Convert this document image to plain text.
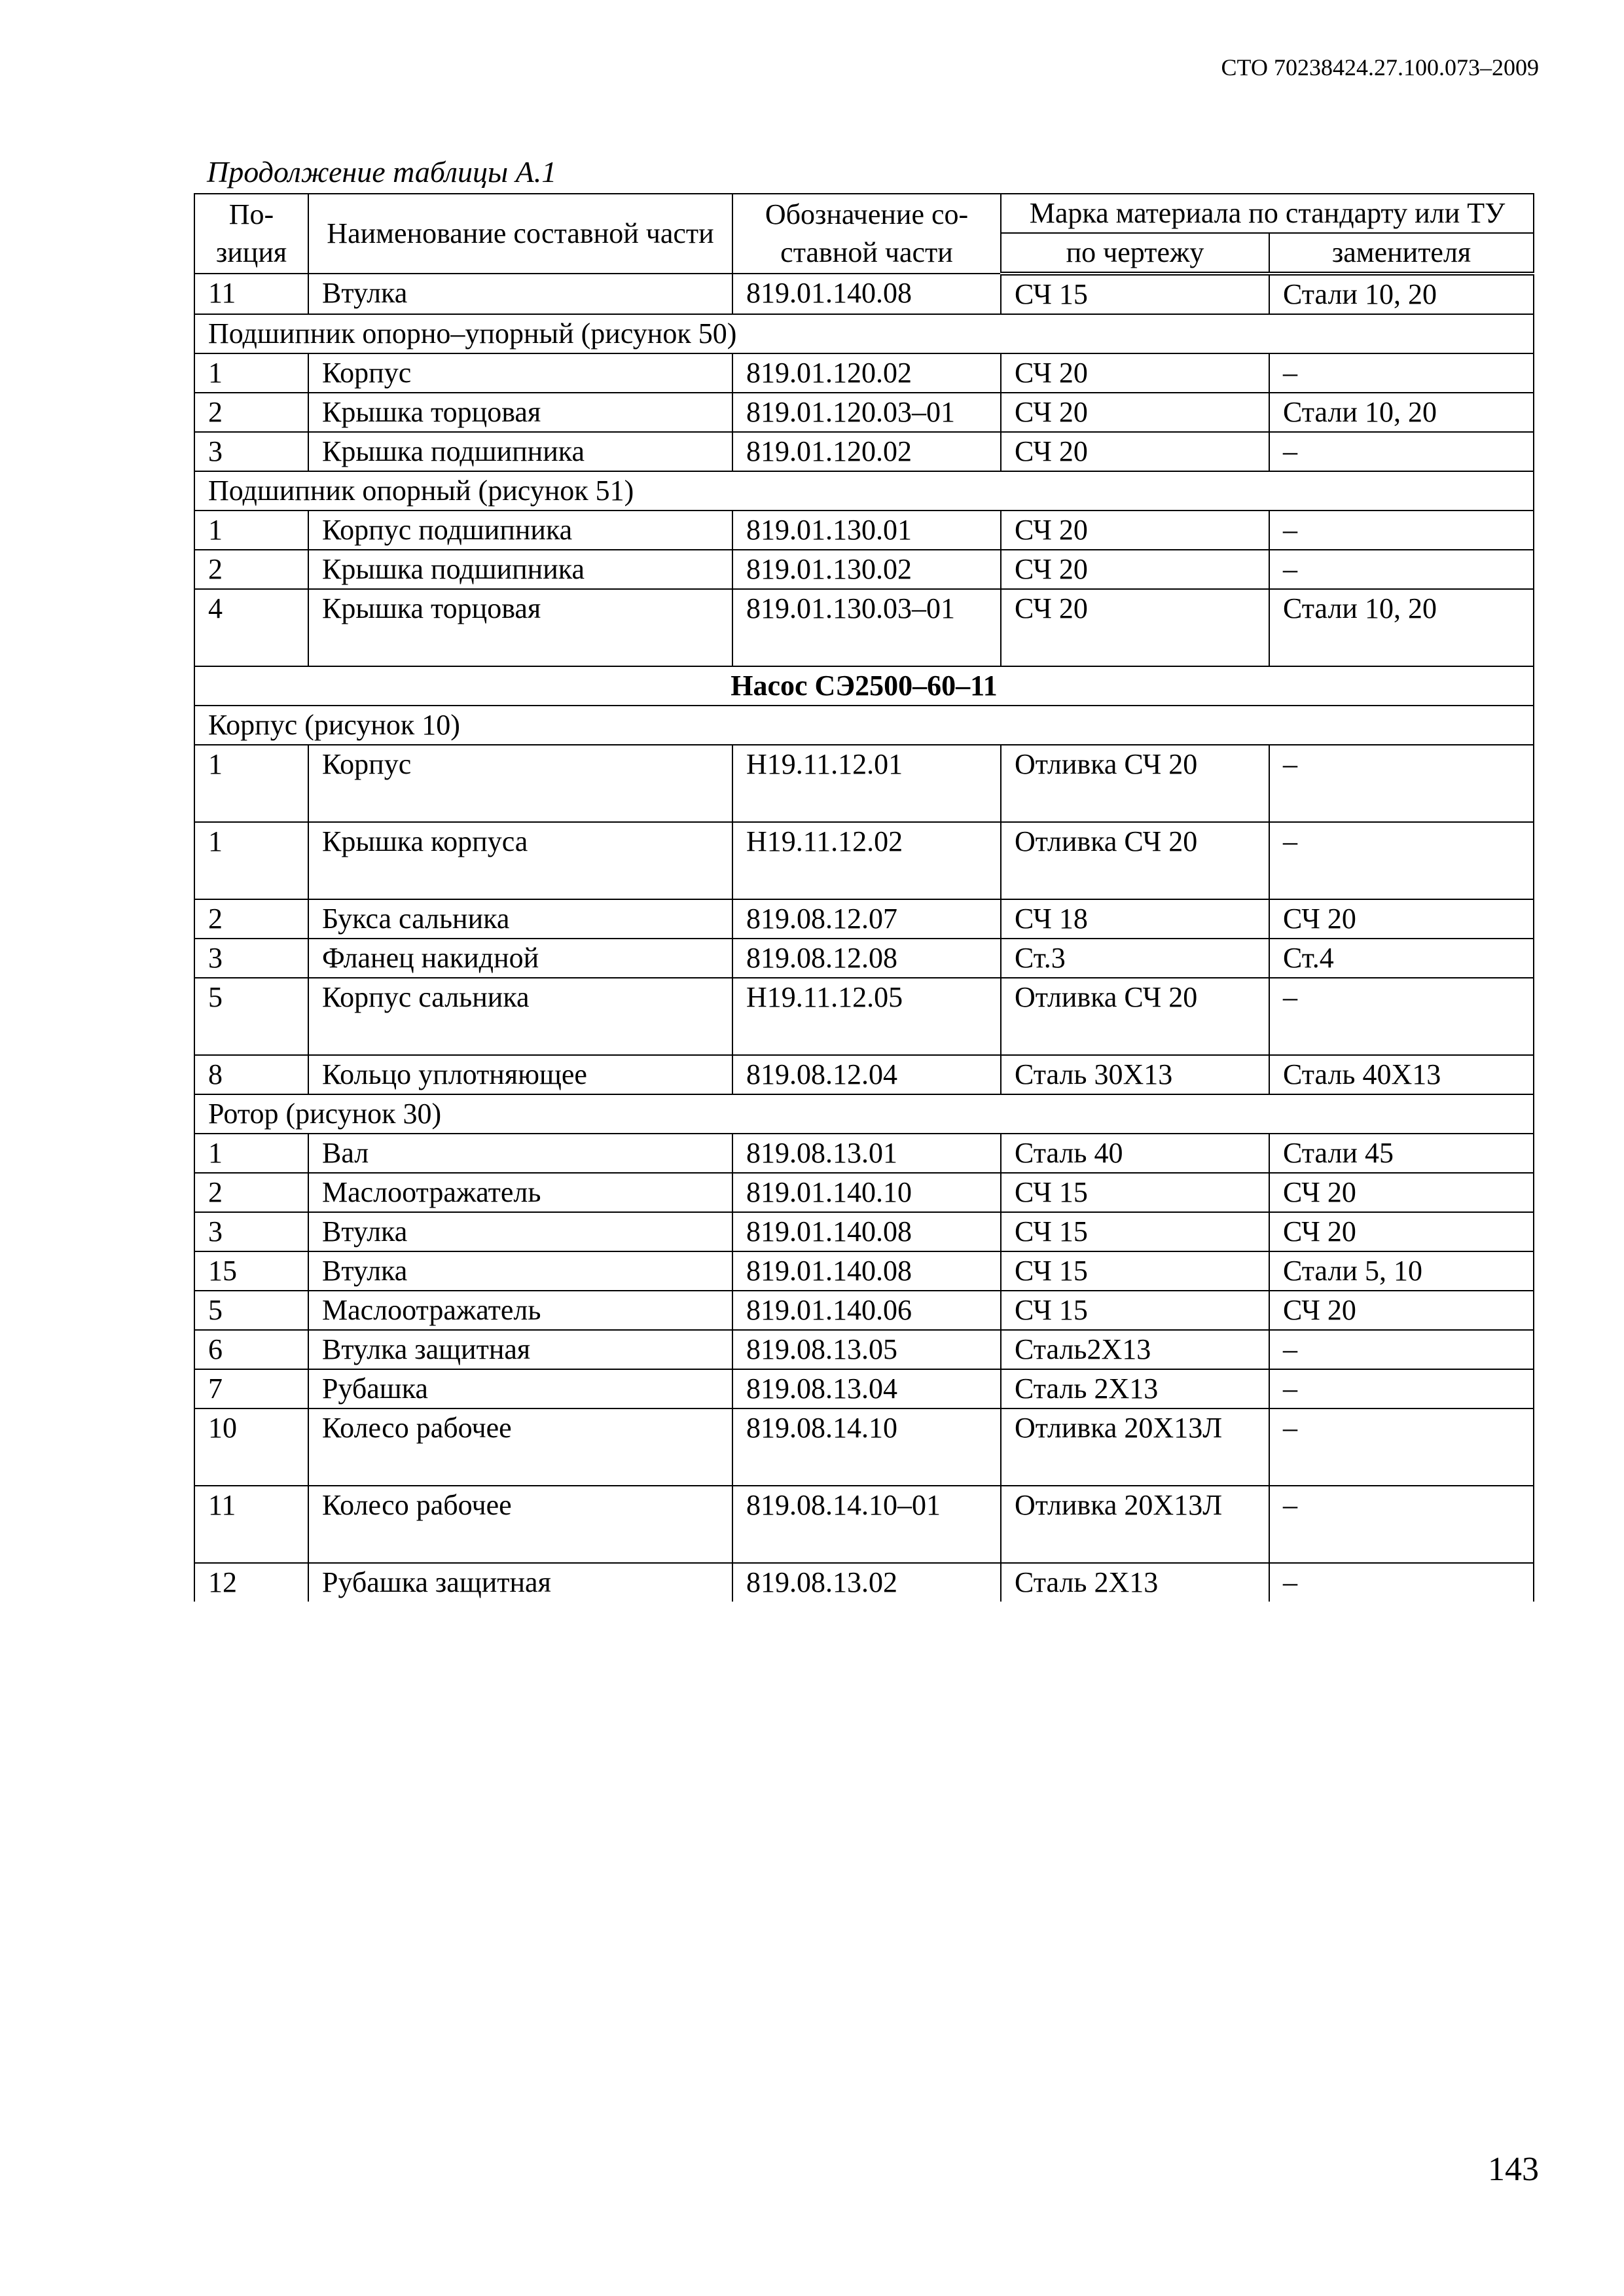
СТО 70238424.27.100.073–2009
Продолжение таблицы А.1
По-зиция	Наименование составной части	Обозначение со-ставной части	Марка материала по стандарту или ТУ	
			по чертежу	заменителя
11	Втулка	819.01.140.08	СЧ 15	Стали 10, 20
Подшипник опорно–упорный (рисунок 50)				
1	Корпус	819.01.120.02	СЧ 20	–
2	Крышка торцовая	819.01.120.03–01	СЧ 20	Стали 10, 20
3	Крышка подшипника	819.01.120.02	СЧ 20	–
Подшипник опорный (рисунок 51)				
1	Корпус подшипника	819.01.130.01	СЧ 20	–
2	Крышка подшипника	819.01.130.02	СЧ 20	–
4	Крышка торцовая	819.01.130.03–01	СЧ 20	Стали 10, 20
Насос СЭ2500–60–11				
Корпус (рисунок 10)				
1	Корпус	Н19.11.12.01	Отливка СЧ 20	–
1	Крышка корпуса	Н19.11.12.02	Отливка СЧ 20	–
2	Букса сальника	819.08.12.07	СЧ 18	СЧ 20
3	Фланец накидной	819.08.12.08	Ст.3	Ст.4
5	Корпус сальника	Н19.11.12.05	Отливка СЧ 20	–
8	Кольцо уплотняющее	819.08.12.04	Сталь 30Х13	Сталь 40Х13
Ротор (рисунок 30)				
1	Вал	819.08.13.01	Сталь 40	Стали 45
2	Маслоотражатель	819.01.140.10	СЧ 15	СЧ 20
3	Втулка	819.01.140.08	СЧ 15	СЧ 20
15	Втулка	819.01.140.08	СЧ 15	Стали 5, 10
5	Маслоотражатель	819.01.140.06	СЧ 15	СЧ 20
6	Втулка защитная	819.08.13.05	Сталь2Х13	–
7	Рубашка	819.08.13.04	Сталь 2Х13	–
10	Колесо рабочее	819.08.14.10	Отливка 20Х13Л	–
11	Колесо рабочее	819.08.14.10–01	Отливка 20Х13Л	–
12	Рубашка защитная	819.08.13.02	Сталь 2Х13	–
143
